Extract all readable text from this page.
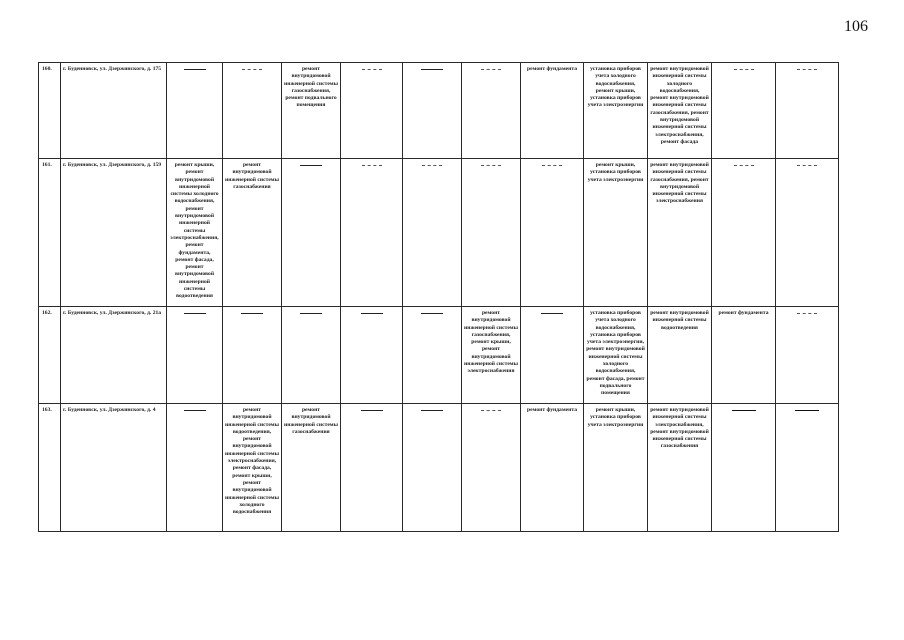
106
160.	г. Буденновск, ул. Дзержинского, д. 175			ремонт внутридомовой инженерной системы газоснабжения, ремонт подвального помещения				ремонт фундамента	установка приборов учета холодного водоснабжения, ремонт крыши, установка приборов учета электроэнергии	ремонт внутридомовой инженерной системы холодного водоснабжения, ремонт внутридомовой инженерной системы газоснабжения, ремонт внутридомовой инженерной системы электроснабжения, ремонт фасада		
161.	г. Буденновск, ул. Дзержинского, д. 159	ремонт крыши, ремонт внутридомовой инженерной системы холодного водоснабжения, ремонт внутридомовой инженерной системы электроснабжения, ремонт фундамента, ремонт фасада, ремонт внутридомовой инженерной системы водоотведения	ремонт внутридомовой инженерной системы газоснабжения						ремонт крыши, установка приборов учета электроэнергии	ремонт внутридомовой инженерной системы газоснабжения, ремонт внутридомовой инженерной системы электроснабжения		
162.	г. Буденновск, ул. Дзержинского, д. 21а						ремонт внутридомовой инженерной системы газоснабжения, ремонт крыши, ремонт внутридомовой инженерной системы электроснабжения		установка приборов учета холодного водоснабжения, установка приборов учета электроэнергии, ремонт внутридомовой инженерной системы холодного водоснабжения, ремонт фасада, ремонт подвального помещения	ремонт внутридомовой инженерной системы водоотведения	ремонт фундамента	
163.	г. Буденновск, ул. Дзержинского, д. 4		ремонт внутридомовой инженерной системы водоотведения, ремонт внутридомовой инженерной системы электроснабжения, ремонт фасада, ремонт крыши, ремонт внутридомовой инженерной системы холодного водоснабжения	ремонт внутридомовой инженерной системы газоснабжения				ремонт фундамента	ремонт крыши, установка приборов учета электроэнергии	ремонт внутридомовой инженерной системы электроснабжения, ремонт внутридомовой инженерной системы газоснабжения		
